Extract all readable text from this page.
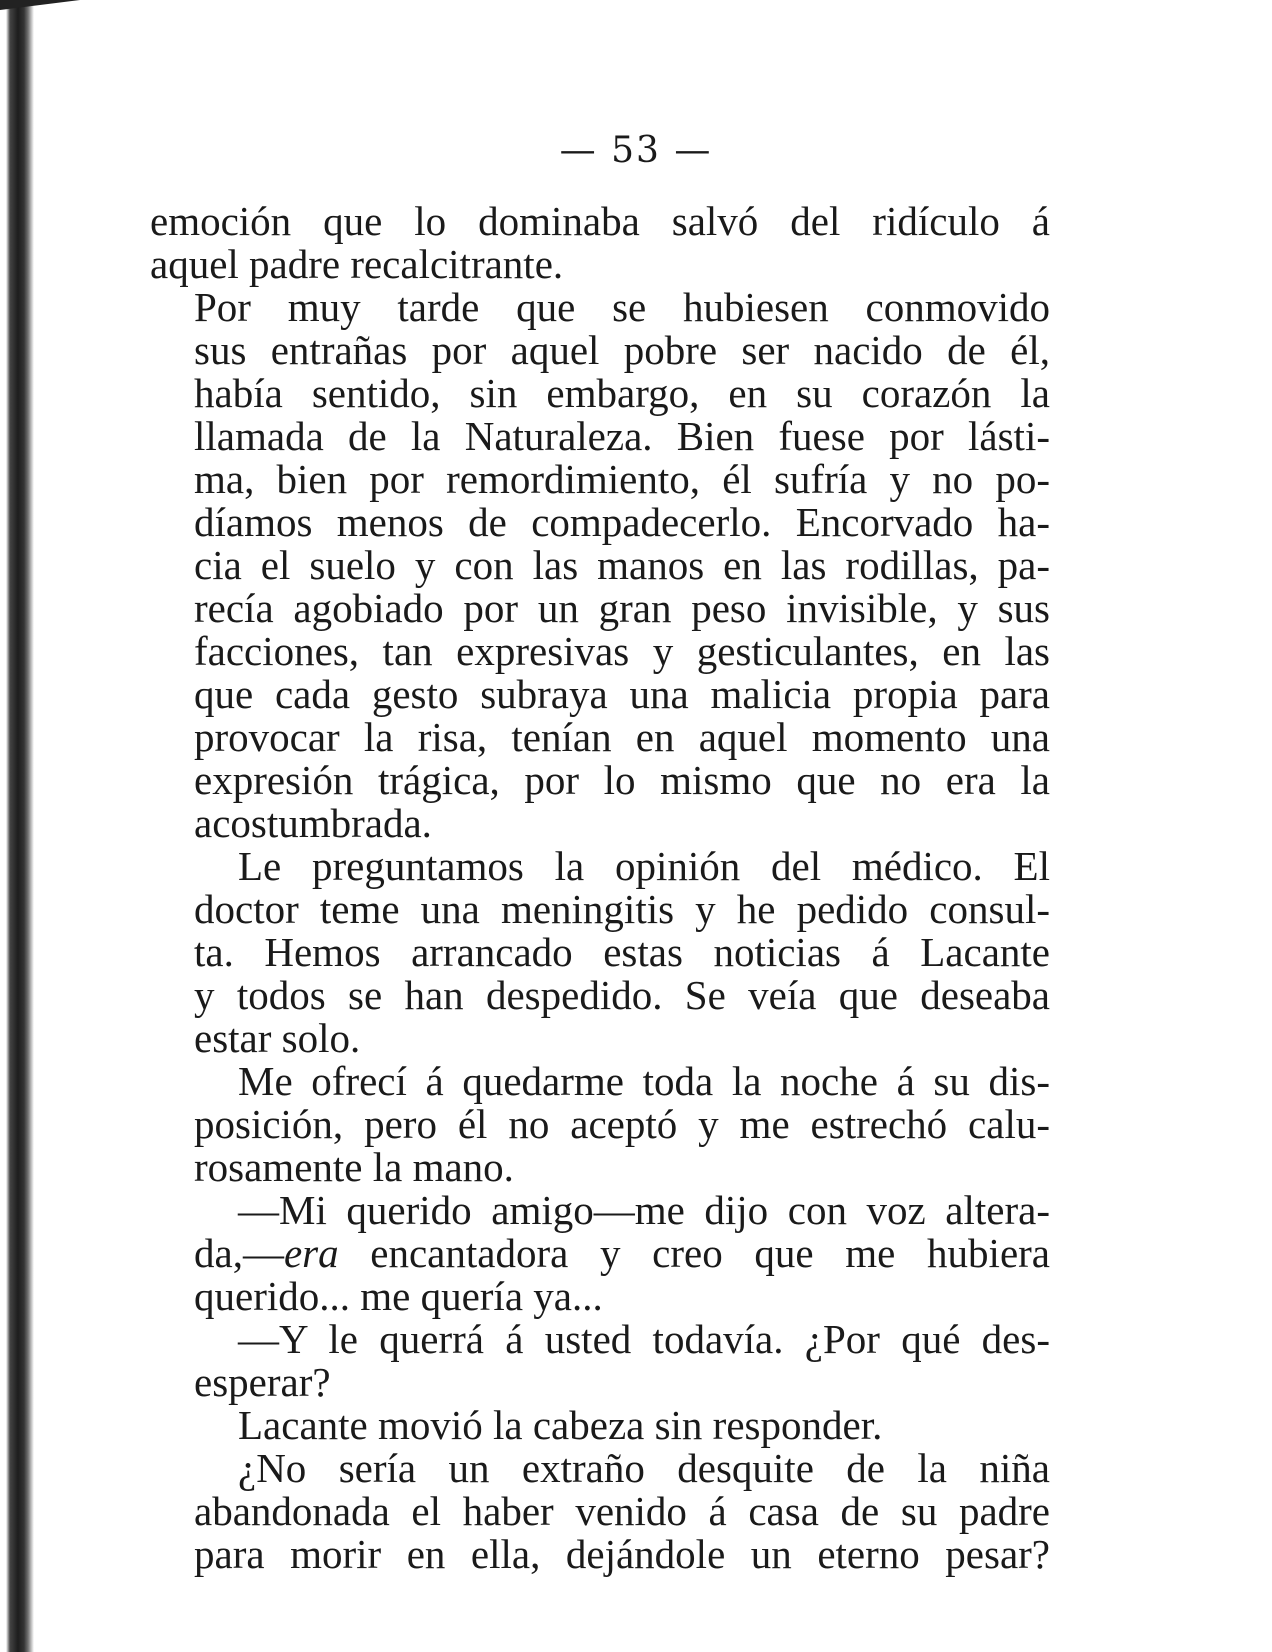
— 53 —

emoción que lo dominaba salvó del ridículo á
aquel padre recalcitrante.

Por muy tarde que se hubiesen conmovido
sus entrañas por aquel pobre ser nacido de él,
había sentido, sin embargo, en su corazón la
llamada de la Naturaleza. Bien fuese por lásti-
ma, bien por remordimiento, él sufría y no po-
díamos menos de compadecerlo. Encorvado ha-
cia el suelo y con las manos en las rodillas, pa-
recía agobiado por un gran peso invisible, y sus
facciones, tan expresivas y gesticulantes, en las
que cada gesto subraya una malicia propia para
provocar la risa, tenían en aquel momento una
expresión trágica, por lo mismo que no era la
acostumbrada.

Le preguntamos la opinión del médico. El
doctor teme una meningitis y he pedido consul-
ta. Hemos arrancado estas noticias á Lacante
y todos se han despedido. Se veía que deseaba
estar solo.

Me ofrecí á quedarme toda la noche á su dis-
posición, pero él no aceptó y me estrechó calu-
rosamente la mano.

—Mi querido amigo—me dijo con voz altera-
da,—era encantadora y creo que me hubiera
querido... me quería ya...

—Y le querrá á usted todavía. ¿Por qué des-
esperar?

Lacante movió la cabeza sin responder.

¿No sería un extraño desquite de la niña
abandonada el haber venido á casa de su padre
para morir en ella, dejándole un eterno pesar?
